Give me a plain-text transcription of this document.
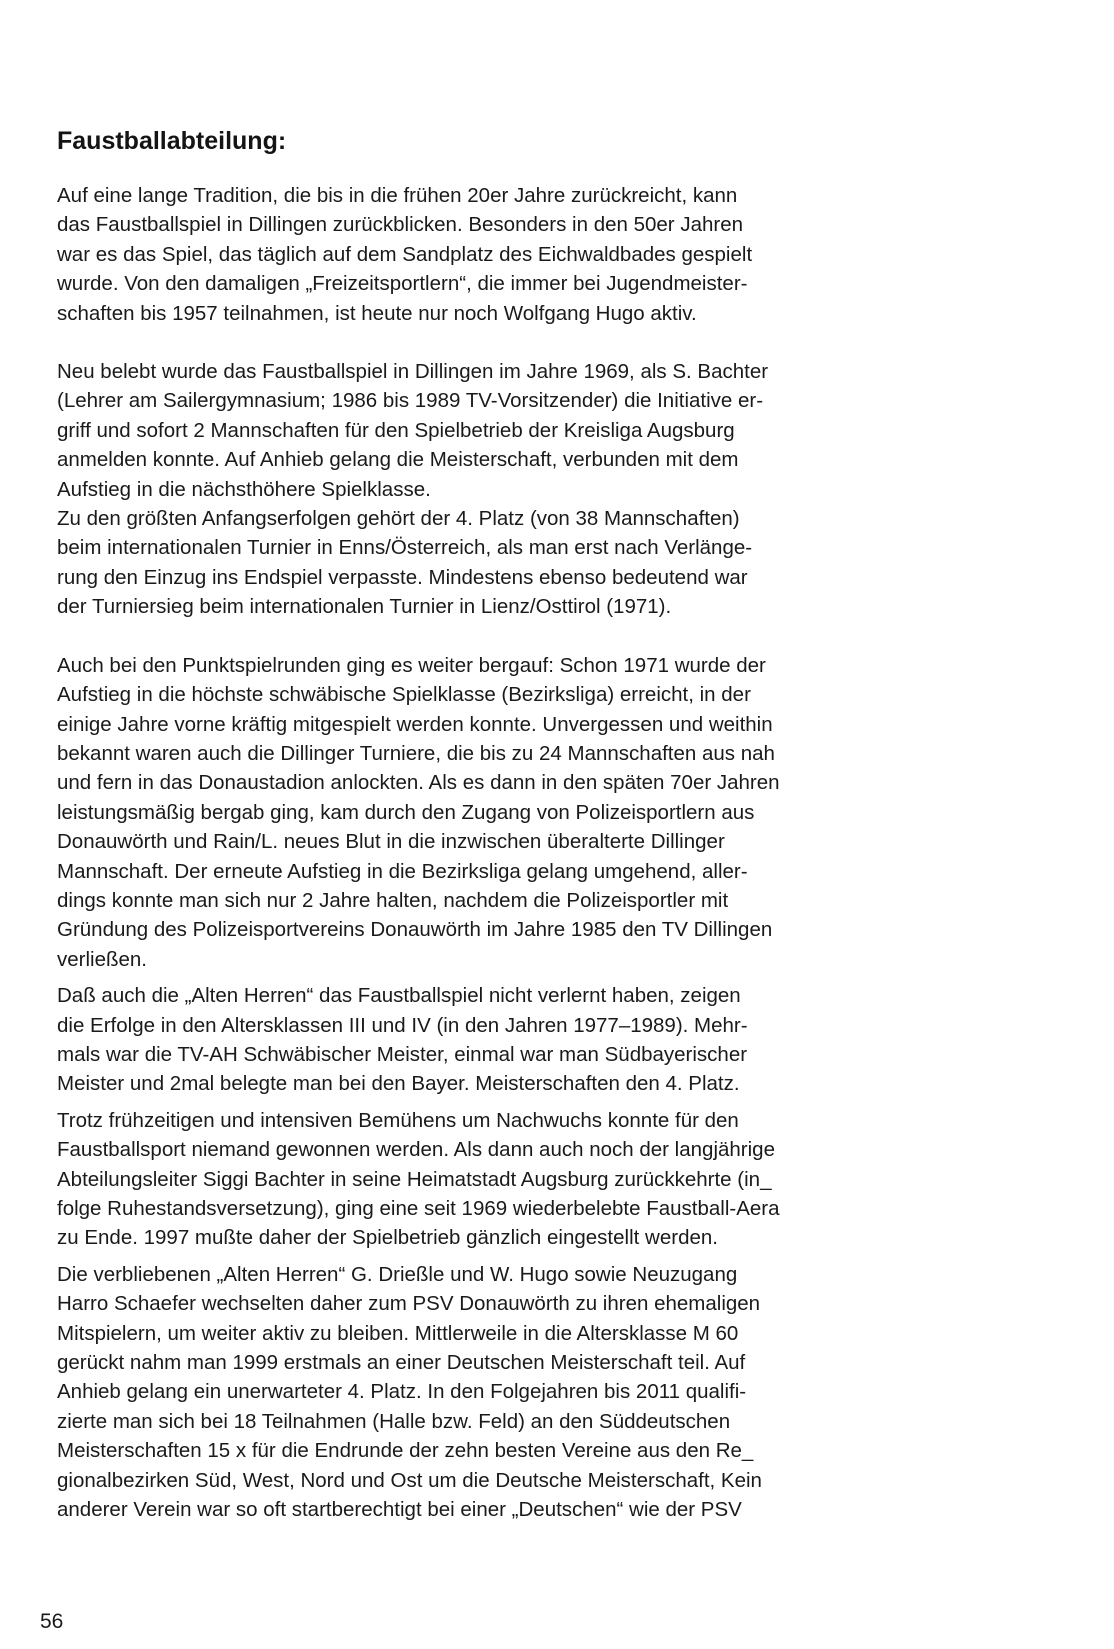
Faustballabteilung:

Auf eine lange Tradition, die bis in die frühen 20er Jahre zurückreicht, kann
das Faustballspiel in Dillingen zurückblicken. Besonders in den 50er Jahren
war es das Spiel, das täglich auf dem Sandplatz des Eichwaldbades gespielt
wurde. Von den damaligen „Freizeitsportlern“, die immer bei Jugendmeister-
schaften bis 1957 teilnahmen, ist heute nur noch Wolfgang Hugo aktiv.

Neu belebt wurde das Faustballspiel in Dillingen im Jahre 1969, als S. Bachter
(Lehrer am Sailergymnasium; 1986 bis 1989 TV-Vorsitzender) die Initiative er-
griff und sofort 2 Mannschaften für den Spielbetrieb der Kreisliga Augsburg
anmelden konnte. Auf Anhieb gelang die Meisterschaft, verbunden mit dem
Aufstieg in die nächsthöhere Spielklasse.
Zu den größten Anfangserfolgen gehört der 4. Platz (von 38 Mannschaften)
beim internationalen Turnier in Enns/Österreich, als man erst nach Verlänge-
rung den Einzug ins Endspiel verpasste. Mindestens ebenso bedeutend war
der Turniersieg beim internationalen Turnier in Lienz/Osttirol (1971).

Auch bei den Punktspielrunden ging es weiter bergauf: Schon 1971 wurde der
Aufstieg in die höchste schwäbische Spielklasse (Bezirksliga) erreicht, in der
einige Jahre vorne kräftig mitgespielt werden konnte. Unvergessen und weithin
bekannt waren auch die Dillinger Turniere, die bis zu 24 Mannschaften aus nah
und fern in das Donaustadion anlockten. Als es dann in den späten 70er Jahren
leistungsmäßig bergab ging, kam durch den Zugang von Polizeisportlern aus
Donauwörth und Rain/L. neues Blut in die inzwischen überalterte Dillinger
Mannschaft. Der erneute Aufstieg in die Bezirksliga gelang umgehend, aller-
dings konnte man sich nur 2 Jahre halten, nachdem die Polizeisportler mit
Gründung des Polizeisportvereins Donauwörth im Jahre 1985 den TV Dillingen
verließen.

Daß auch die „Alten Herren“ das Faustballspiel nicht verlernt haben, zeigen
die Erfolge in den Altersklassen III und IV (in den Jahren 1977–1989). Mehr-
mals war die TV-AH Schwäbischer Meister, einmal war man Südbayerischer
Meister und 2mal belegte man bei den Bayer. Meisterschaften den 4. Platz.

Trotz frühzeitigen und intensiven Bemühens um Nachwuchs konnte für den
Faustballsport niemand gewonnen werden. Als dann auch noch der langjährige
Abteilungsleiter Siggi Bachter in seine Heimatstadt Augsburg zurückkehrte (in_
folge Ruhestandsversetzung), ging eine seit 1969 wiederbelebte Faustball-Aera
zu Ende. 1997 mußte daher der Spielbetrieb gänzlich eingestellt werden.

Die verbliebenen „Alten Herren“ G. Drießle und W. Hugo sowie Neuzugang
Harro Schaefer wechselten daher zum PSV Donauwörth zu ihren ehemaligen
Mitspielern, um weiter aktiv zu bleiben. Mittlerweile in die Altersklasse M 60
gerückt nahm man 1999 erstmals an einer Deutschen Meisterschaft teil. Auf
Anhieb gelang ein unerwarteter 4. Platz. In den Folgejahren bis 2011 qualifi-
zierte man sich bei 18 Teilnahmen (Halle bzw. Feld) an den Süddeutschen
Meisterschaften 15 x für die Endrunde der zehn besten Vereine aus den Re_
gionalbezirken Süd, West, Nord und Ost um die Deutsche Meisterschaft, Kein
anderer Verein war so oft startberechtigt bei einer „Deutschen“ wie der PSV

56
